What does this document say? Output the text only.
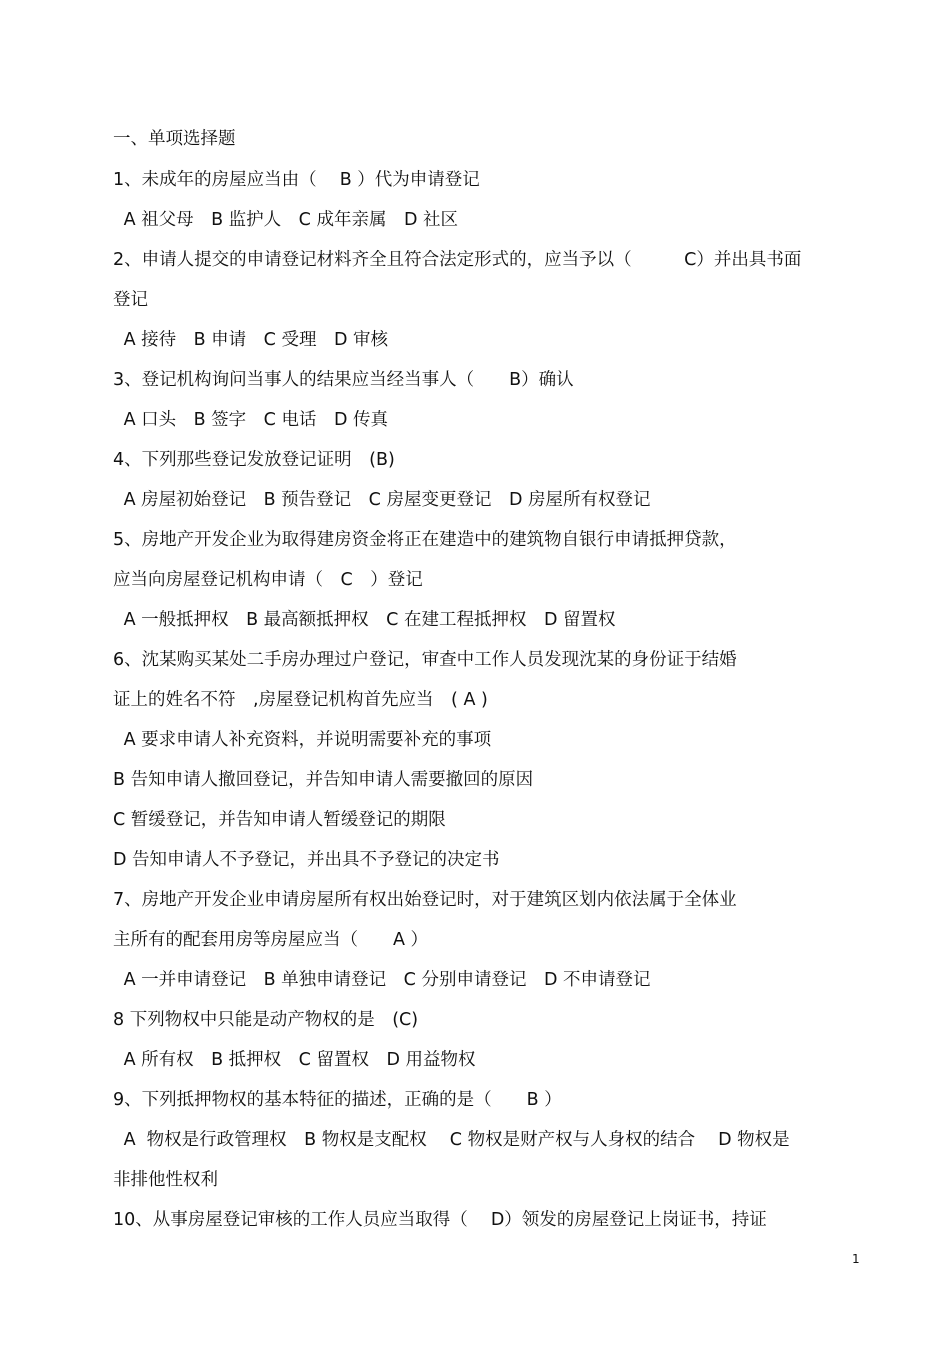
一、单项选择题
1、未成年的房屋应当由（　 B ）代为申请登记
A 祖父母　B 监护人　C 成年亲属　D 社区
2、申请人提交的申请登记材料齐全且符合法定形式的，应当予以（　　　C）并出具书面
登记
A 接待　B 申请　C 受理　D 审核
3、登记机构询问当事人的结果应当经当事人（　　B）确认
A 口头　B 签字　C 电话　D 传真
4、下列那些登记发放登记证明　(B)
A 房屋初始登记　B 预告登记　C 房屋变更登记　D 房屋所有权登记
5、房地产开发企业为取得建房资金将正在建造中的建筑物自银行申请抵押贷款，
应当向房屋登记机构申请（　C　）登记
A 一般抵押权　B 最高额抵押权　C 在建工程抵押权　D 留置权
6、沈某购买某处二手房办理过户登记，审查中工作人员发现沈某的身份证于结婚
证上的姓名不符　,房屋登记机构首先应当　( A )
A 要求申请人补充资料，并说明需要补充的事项
B 告知申请人撤回登记，并告知申请人需要撤回的原因
C 暂缓登记，并告知申请人暂缓登记的期限
D 告知申请人不予登记，并出具不予登记的决定书
7、房地产开发企业申请房屋所有权出始登记时，对于建筑区划内依法属于全体业
主所有的配套用房等房屋应当（　　A ）
A 一并申请登记　B 单独申请登记　C 分别申请登记　D 不申请登记
8 下列物权中只能是动产物权的是　(C)
A 所有权　B 抵押权　C 留置权　D 用益物权
9、下列抵押物权的基本特征的描述，正确的是（　　B ）
A  物权是行政管理权　B 物权是支配权　 C 物权是财产权与人身权的结合　 D 物权是
非排他性权利
10、从事房屋登记审核的工作人员应当取得（　 D）领发的房屋登记上岗证书，持证
1
